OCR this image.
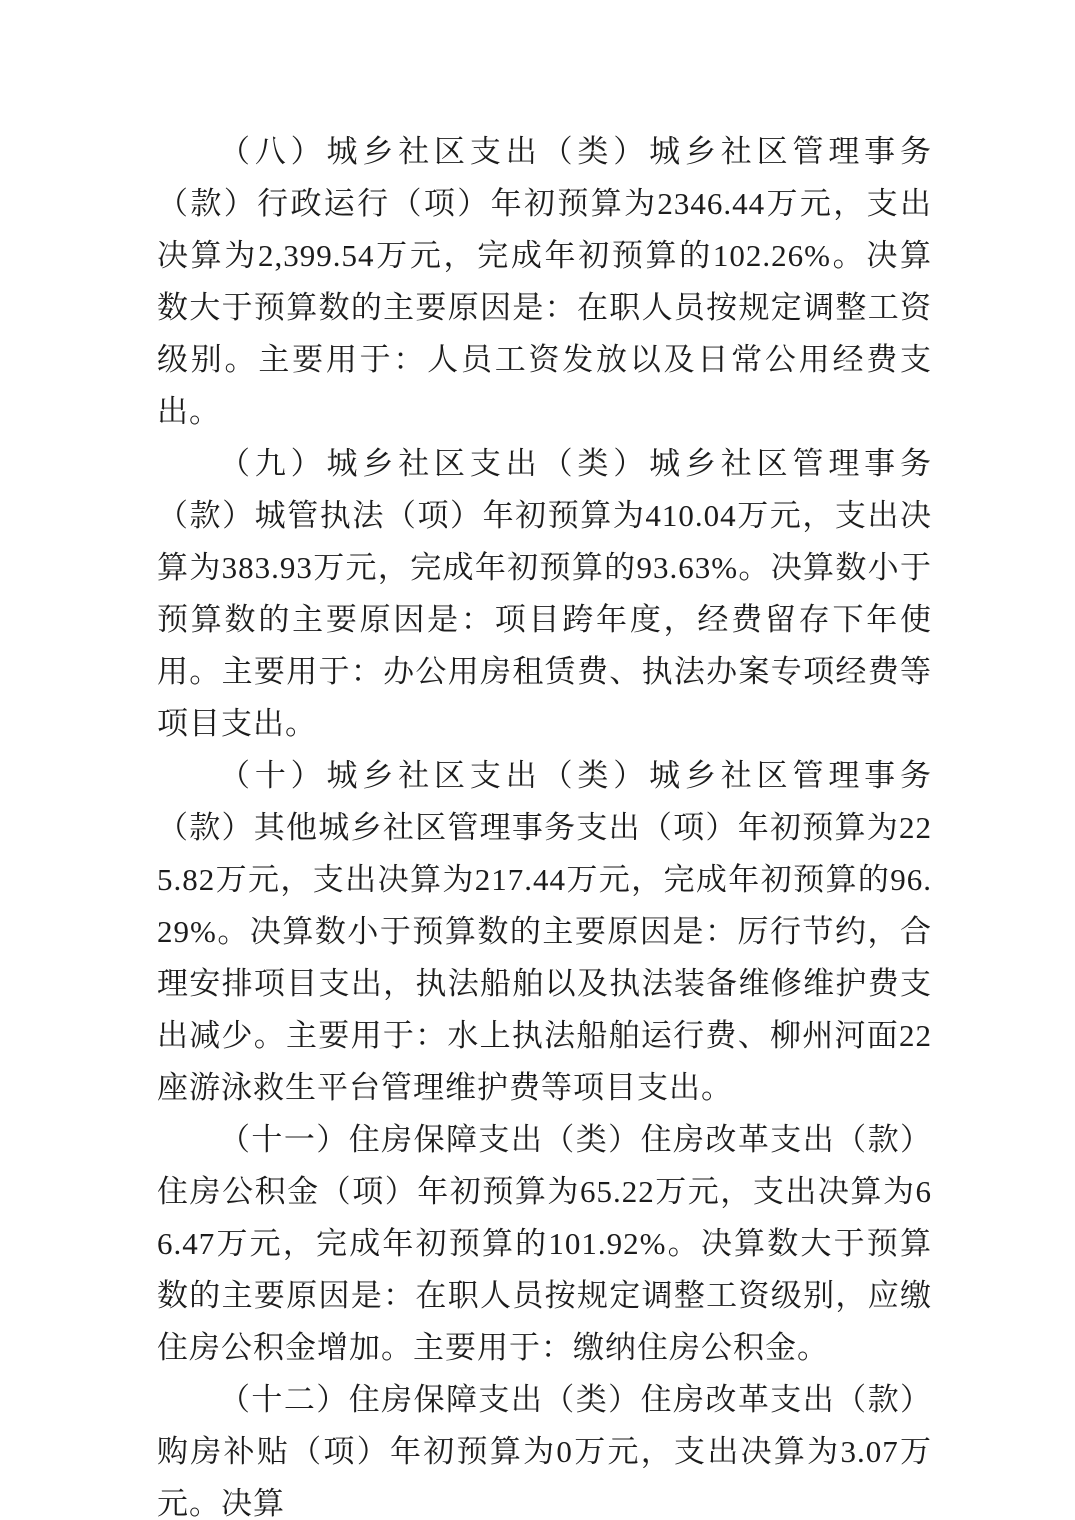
（八）城乡社区支出（类）城乡社区管理事务（款）行政运行（项）年初预算为2346.44万元，支出决算为2,399.54万元，完成年初预算的102.26%。决算数大于预算数的主要原因是：在职人员按规定调整工资级别。主要用于：人员工资发放以及日常公用经费支出。

（九）城乡社区支出（类）城乡社区管理事务（款）城管执法（项）年初预算为410.04万元，支出决算为383.93万元，完成年初预算的93.63%。决算数小于预算数的主要原因是：项目跨年度，经费留存下年使用。主要用于：办公用房租赁费、执法办案专项经费等项目支出。

（十）城乡社区支出（类）城乡社区管理事务（款）其他城乡社区管理事务支出（项）年初预算为225.82万元，支出决算为217.44万元，完成年初预算的96.29%。决算数小于预算数的主要原因是：厉行节约，合理安排项目支出，执法船舶以及执法装备维修维护费支出减少。主要用于：水上执法船舶运行费、柳州河面22座游泳救生平台管理维护费等项目支出。

（十一）住房保障支出（类）住房改革支出（款）住房公积金（项）年初预算为65.22万元，支出决算为66.47万元，完成年初预算的101.92%。决算数大于预算数的主要原因是：在职人员按规定调整工资级别，应缴住房公积金增加。主要用于：缴纳住房公积金。

（十二）住房保障支出（类）住房改革支出（款）购房补贴（项）年初预算为0万元，支出决算为3.07万元。决算
